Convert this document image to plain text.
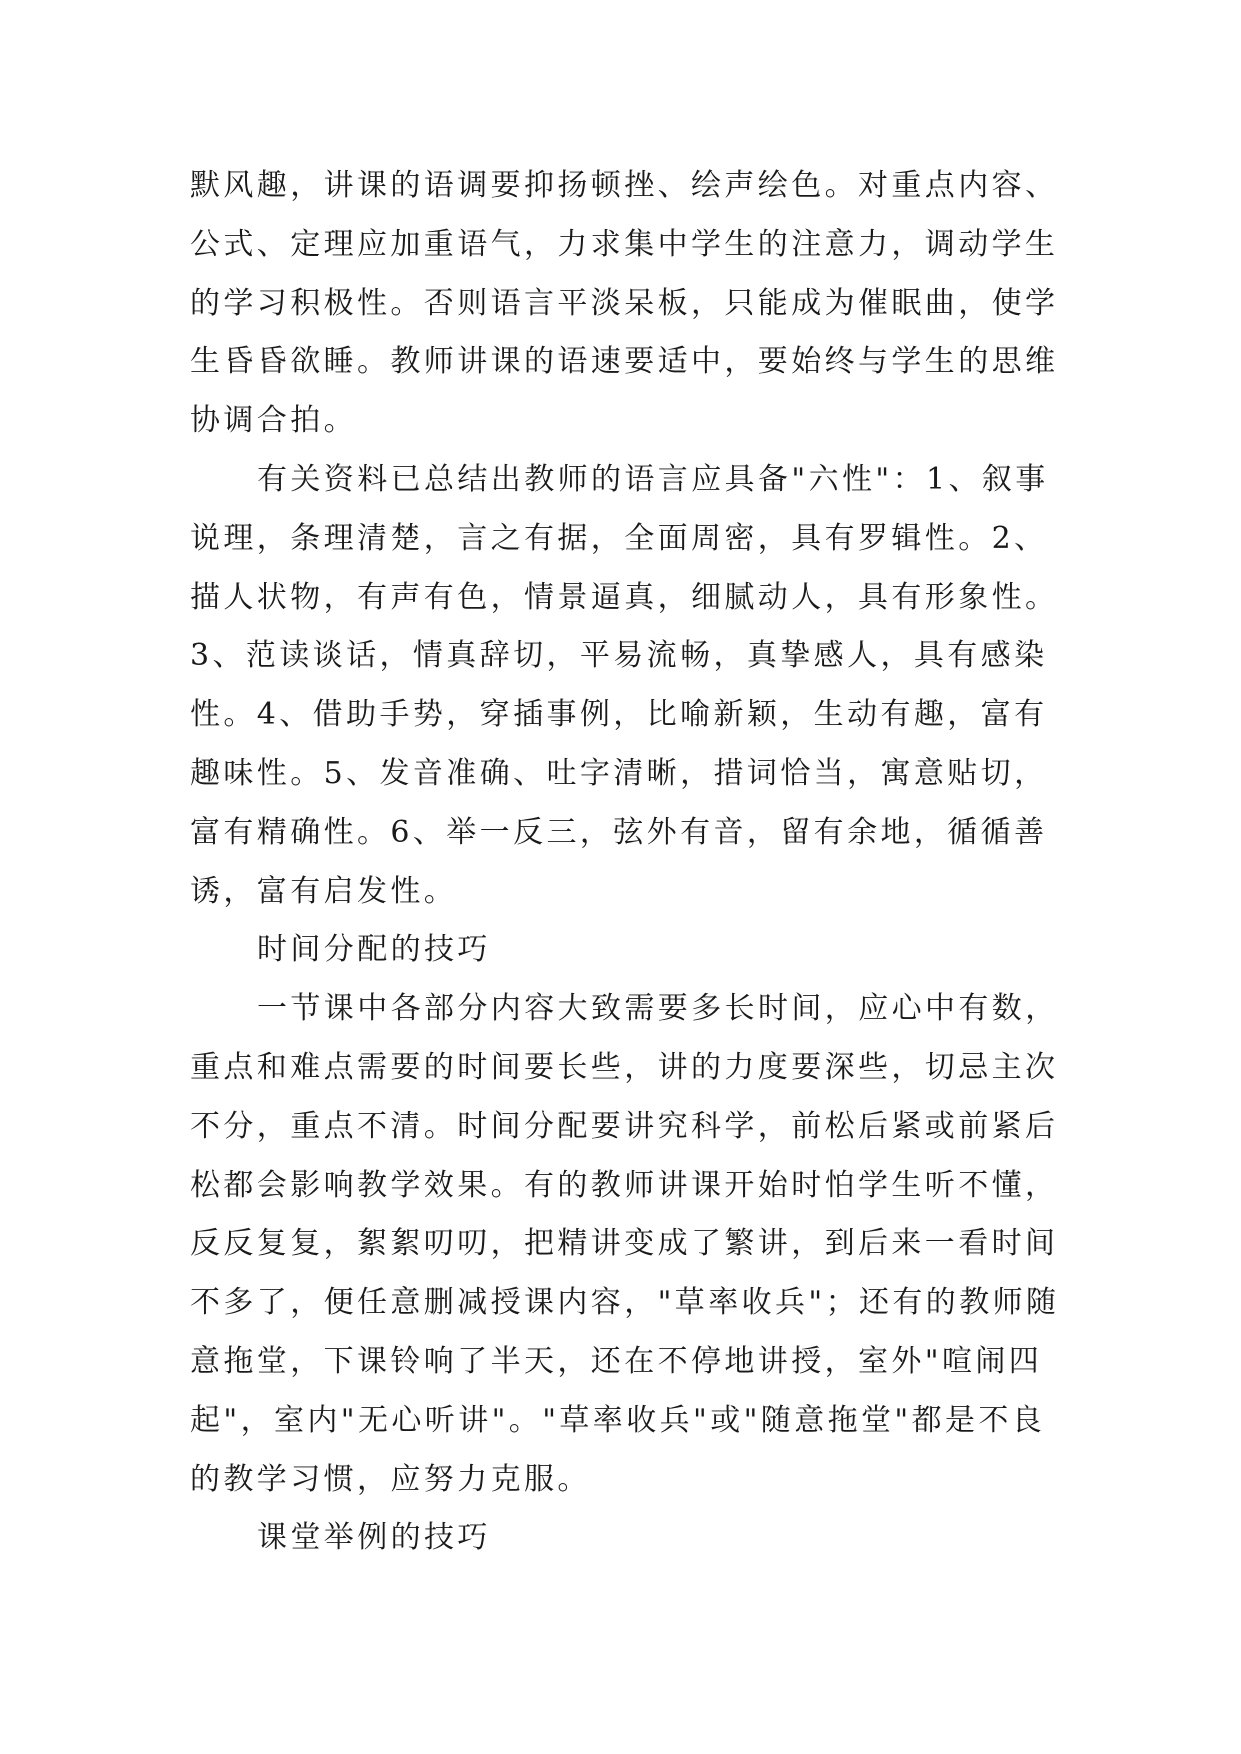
默风趣，讲课的语调要抑扬顿挫、绘声绘色。对重点内容、
公式、定理应加重语气，力求集中学生的注意力，调动学生
的学习积极性。否则语言平淡呆板，只能成为催眠曲，使学
生昏昏欲睡。教师讲课的语速要适中，要始终与学生的思维
协调合拍。
有关资料已总结出教师的语言应具备"六性"：1、叙事
说理，条理清楚，言之有据，全面周密，具有罗辑性。2、
描人状物，有声有色，情景逼真，细腻动人，具有形象性。
3、范读谈话，情真辞切，平易流畅，真挚感人，具有感染
性。4、借助手势，穿插事例，比喻新颖，生动有趣，富有
趣味性。5、发音准确、吐字清晰，措词恰当，寓意贴切，
富有精确性。6、举一反三，弦外有音，留有余地，循循善
诱，富有启发性。
时间分配的技巧
一节课中各部分内容大致需要多长时间，应心中有数，
重点和难点需要的时间要长些，讲的力度要深些，切忌主次
不分，重点不清。时间分配要讲究科学，前松后紧或前紧后
松都会影响教学效果。有的教师讲课开始时怕学生听不懂，
反反复复，絮絮叨叨，把精讲变成了繁讲，到后来一看时间
不多了，便任意删减授课内容，"草率收兵"；还有的教师随
意拖堂，下课铃响了半天，还在不停地讲授，室外"喧闹四
起"，室内"无心听讲"。"草率收兵"或"随意拖堂"都是不良
的教学习惯，应努力克服。
课堂举例的技巧
